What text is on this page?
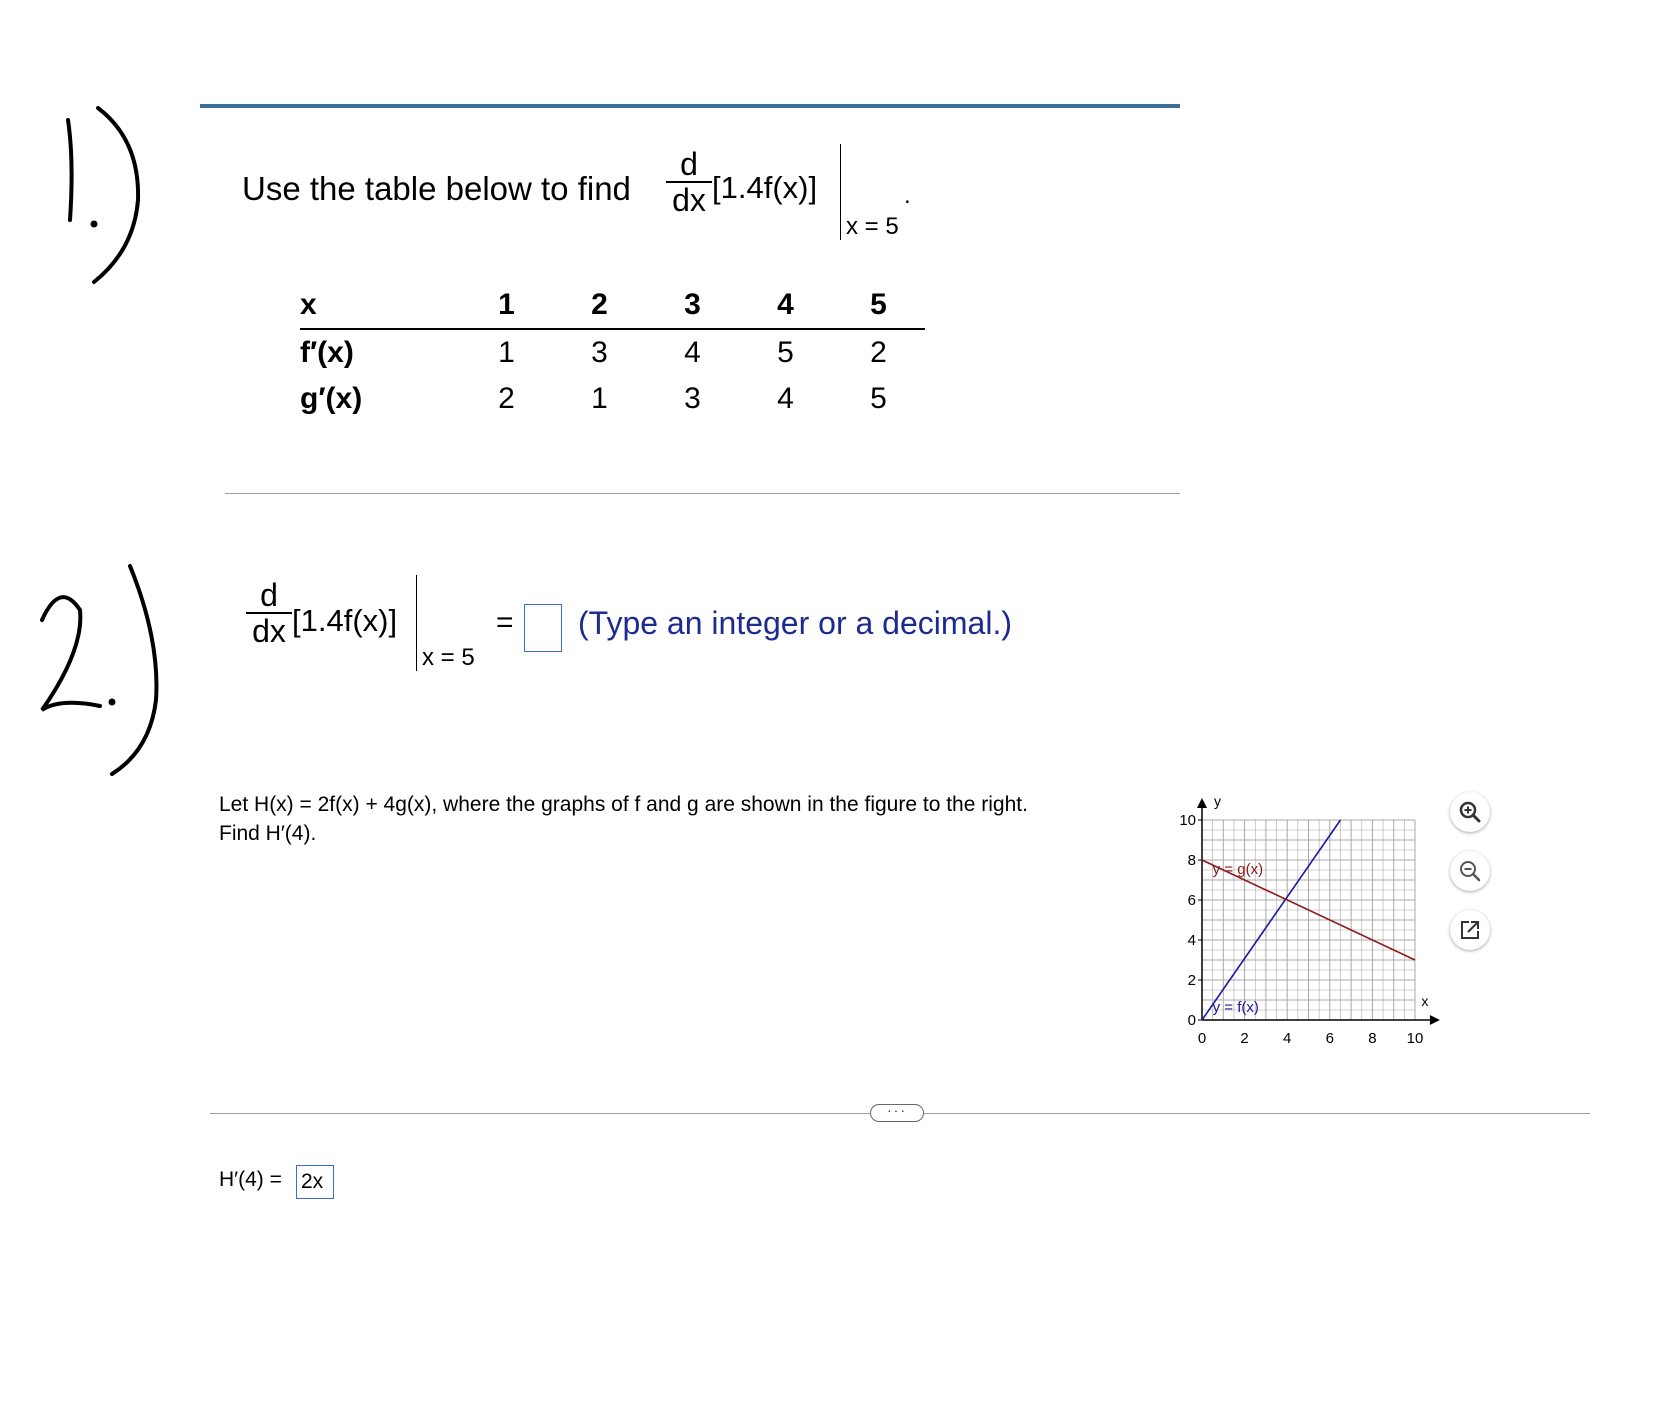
Use the table below to find
d
dx [1.4f(x)]
x = 5
.
x	1	2	3	4	5
f′(x)	1	3	4	5	2
g′(x)	2	1	3	4	5
d
dx [1.4f(x)]
x = 5
= (Type an integer or a decimal.)
Let H(x) = 2f(x) + 4g(x), where the graphs of f and g are shown in the figure to the right. Find H′(4).
10
8
6
4
2
0
0 2 4 6 8 10
y
x
y = g(x)
y = f(x)
···
H′(4) = 2x
